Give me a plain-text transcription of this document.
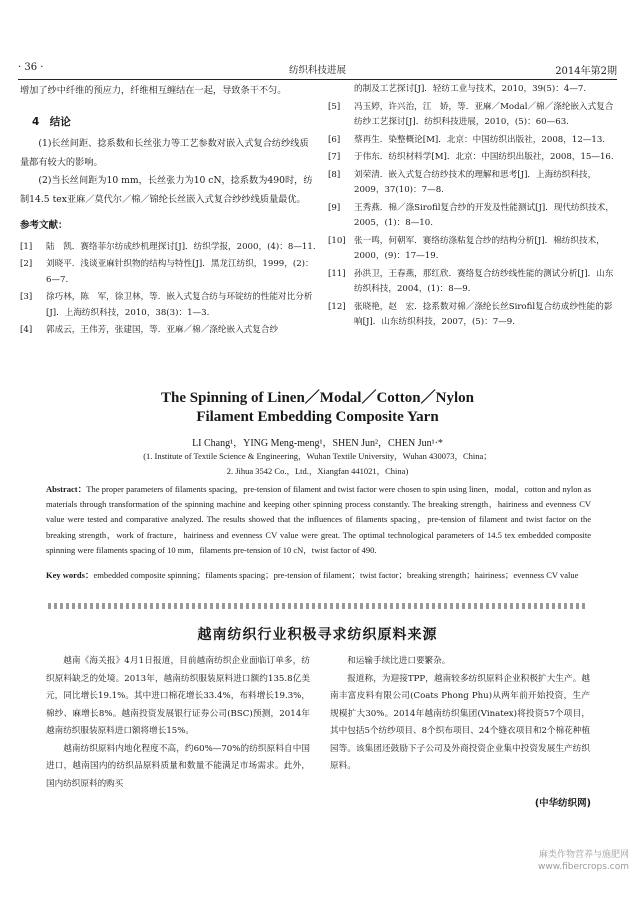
· 36 ·	纺织科技进展	2014年第2期

增加了纱中纤维的预应力，纤维相互缠结在一起，导致条干不匀。

4　结论

(1)长丝间距、捻系数和长丝张力等工艺参数对嵌入式复合纺纱线质量都有较大的影响。

(2)当长丝间距为10 mm，长丝张力为10 cN，捻系数为490时，纺制14.5 tex亚麻／莫代尔／棉／锦纶长丝嵌入式复合纱纱线质量最优。

参考文献：
[1]	陆　凯．赛络菲尔纺成纱机理探讨[J]．纺织学报，2000，(4)：8—11.
[2]	刘晓平．浅谈亚麻针织物的结构与特性[J]．黑龙江纺织，1999，(2)：6—7.
[3]	徐巧林，陈　军，徐卫林，等．嵌入式复合纺与环锭纺的性能对比分析[J]．上海纺织科技，2010，38(3)：1—3.
[4]	郭成云，王伟芳，张建国，等．亚麻／棉／涤纶嵌入式复合纱
的制及工艺探讨[J]．轻纺工业与技术，2010，39(5)：4—7.
[5]	冯玉婷，许兴治，江　娇，等．亚麻／Modal／棉／涤纶嵌入式复合纺纱工艺探讨[J]．纺织科技进展，2010，(5)：60—63.
[6]	蔡再生．染整概论[M]．北京：中国纺织出版社，2008，12—13.
[7]	于伟东．纺织材料学[M]．北京：中国纺织出版社，2008，15—16.
[8]	刘荣清．嵌入式复合纺纱技术的理解和思考[J]．上海纺织科技，2009，37(10)：7—8.
[9]	王秀燕．棉／涤Sirofil复合纱的开发及性能测试[J]．现代纺织技术，2005，(1)：8—10.
[10] 张一鸣，何朝军．赛络纺涤粘复合纱的结构分析[J]．棉纺织技术，2000，(9)：17—19.
[11] 孙洪卫，王春燕，那红欣．赛络复合纺纱线性能的测试分析[J]．山东纺织科技，2004，(1)：8—9.
[12] 张晓艳，赵　宏．捻系数对棉／涤纶长丝Sirofil复合纺成纱性能的影响[J]．山东纺织科技，2007，(5)：7—9.
The Spinning of Linen／Modal／Cotton／Nylon
Filament Embedding Composite Yarn
LI Chang¹，YING Meng-meng¹，SHEN Jun²，CHEN Jun¹·*
(1. Institute of Textile Science & Engineering，Wuhan Textile University，Wuhan 430073，China；
2. Jihua 3542 Co.，Ltd.，Xiangfan 441021，China)
Abstract：The proper parameters of filaments spacing，pre-tension of filament and twist factor were chosen to spin using linen，modal，cotton and nylon as materials through transformation of the spinning machine and keeping other spinning process constantly. The breaking strength，hairiness and evenness CV value were tested and comparative analyzed. The results showed that the influences of filaments spacing，pre-tension of filament and twist factor on the breaking strength，work of fracture，hairiness and evenness CV value were great. The optimal technological parameters of 14.5 tex embedded composite spinning were filaments spacing of 10 mm，filaments pre-tension of 10 cN，twist factor of 490.
Key words：embedded composite spinning；filaments spacing；pre-tension of filament；twist factor；breaking strength；hairiness；evenness CV value
越南纺织行业积极寻求纺织原料来源

越南《海关报》4月1日报道，目前越南纺织企业面临订单多，纺织原料缺乏的处境。2013年，越南纺织服装原料进口额约135.8亿美元，同比增长19.1%。其中进口棉花增长33.4%，布料增长19.3%，棉纱、麻增长8%。越南投资发展银行证券公司(BSC)预测，2014年越南纺织服装原料进口额将增长15%。

越南纺织原料内地化程度不高，约60%—70%的纺织原料自中国进口，越南国内的纺织品原料质量和数量不能满足市场需求。此外，国内纺织原料的购买

和运输手续比进口要繁杂。

报道称，为迎接TPP，越南较多纺织原料企业积极扩大生产。越南丰富皮料有限公司(Coats Phong Phu)从两年前开始投资，生产规模扩大30%。2014年越南纺织集团(Vinatex)将投资57个项目，其中包括5个纺纱项目、8个织布项目、24个缝衣项目和2个棉花种植园等。该集团还鼓励下子公司及外商投资企业集中投资发展生产纺织原料。

(中华纺织网)
麻类作物营养与施肥网
www.fibercrops.com
